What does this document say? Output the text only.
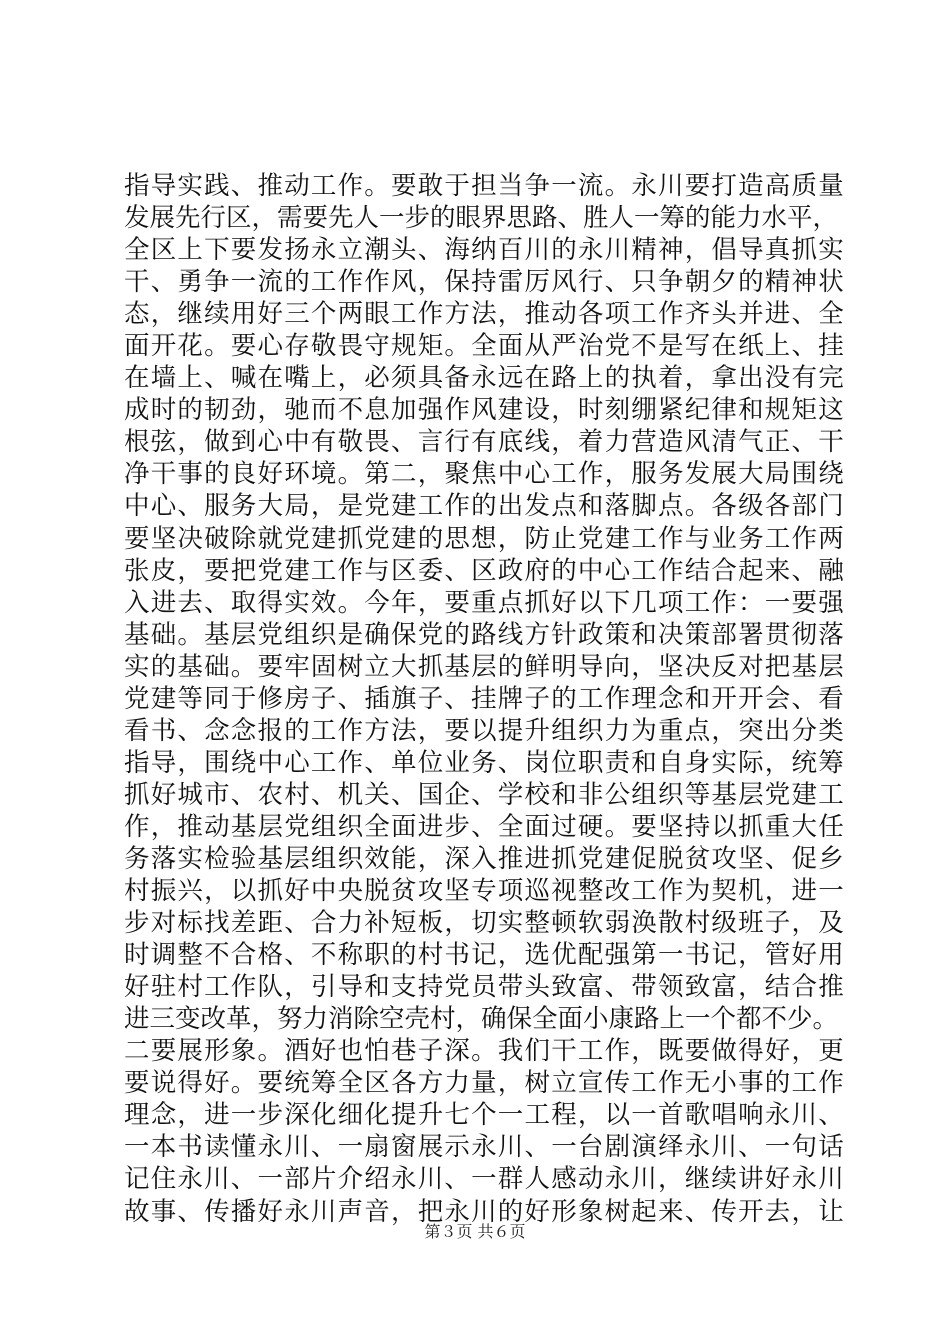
指导实践、推动工作。要敢于担当争一流。永川要打造高质量
发展先行区，需要先人一步的眼界思路、胜人一筹的能力水平，
全区上下要发扬永立潮头、海纳百川的永川精神，倡导真抓实
干、勇争一流的工作作风，保持雷厉风行、只争朝夕的精神状
态，继续用好三个两眼工作方法，推动各项工作齐头并进、全
面开花。要心存敬畏守规矩。全面从严治党不是写在纸上、挂
在墙上、喊在嘴上，必须具备永远在路上的执着，拿出没有完
成时的韧劲，驰而不息加强作风建设，时刻绷紧纪律和规矩这
根弦，做到心中有敬畏、言行有底线，着力营造风清气正、干
净干事的良好环境。第二，聚焦中心工作，服务发展大局围绕
中心、服务大局，是党建工作的出发点和落脚点。各级各部门
要坚决破除就党建抓党建的思想，防止党建工作与业务工作两
张皮，要把党建工作与区委、区政府的中心工作结合起来、融
入进去、取得实效。今年，要重点抓好以下几项工作：一要强
基础。基层党组织是确保党的路线方针政策和决策部署贯彻落
实的基础。要牢固树立大抓基层的鲜明导向，坚决反对把基层
党建等同于修房子、插旗子、挂牌子的工作理念和开开会、看
看书、念念报的工作方法，要以提升组织力为重点，突出分类
指导，围绕中心工作、单位业务、岗位职责和自身实际，统筹
抓好城市、农村、机关、国企、学校和非公组织等基层党建工
作，推动基层党组织全面进步、全面过硬。要坚持以抓重大任
务落实检验基层组织效能，深入推进抓党建促脱贫攻坚、促乡
村振兴，以抓好中央脱贫攻坚专项巡视整改工作为契机，进一
步对标找差距、合力补短板，切实整顿软弱涣散村级班子，及
时调整不合格、不称职的村书记，选优配强第一书记，管好用
好驻村工作队，引导和支持党员带头致富、带领致富，结合推
进三变改革，努力消除空壳村，确保全面小康路上一个都不少。
二要展形象。酒好也怕巷子深。我们干工作，既要做得好，更
要说得好。要统筹全区各方力量，树立宣传工作无小事的工作
理念，进一步深化细化提升七个一工程，以一首歌唱响永川、
一本书读懂永川、一扇窗展示永川、一台剧演绎永川、一句话
记住永川、一部片介绍永川、一群人感动永川，继续讲好永川
故事、传播好永川声音，把永川的好形象树起来、传开去，让
第３页 共６页
